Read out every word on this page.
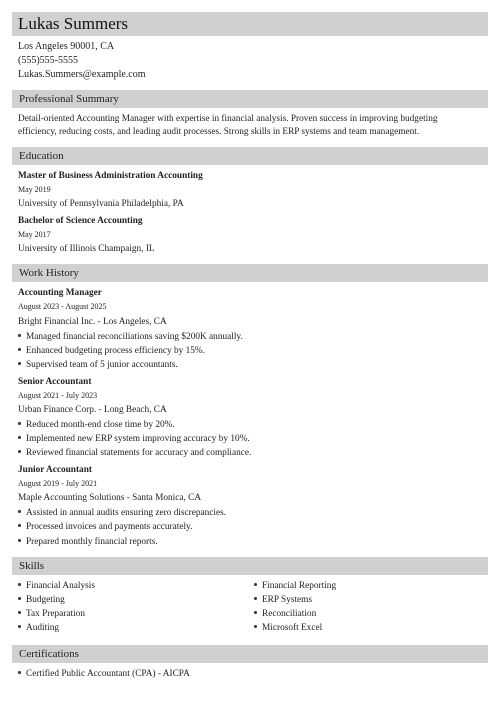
Lukas Summers
Los Angeles 90001, CA
(555)555-5555
Lukas.Summers@example.com
Professional Summary
Detail-oriented Accounting Manager with expertise in financial analysis. Proven success in improving budgeting
efficiency, reducing costs, and leading audit processes. Strong skills in ERP systems and team management.
Education
Master of Business Administration Accounting
May 2019
University of Pennsylvania Philadelphia, PA
Bachelor of Science Accounting
May 2017
University of Illinois Champaign, IL
Work History
Accounting Manager
August 2023 - August 2025
Bright Financial Inc. - Los Angeles, CA
Managed financial reconciliations saving $200K annually.
Enhanced budgeting process efficiency by 15%.
Supervised team of 5 junior accountants.
Senior Accountant
August 2021 - July 2023
Urban Finance Corp. - Long Beach, CA
Reduced month-end close time by 20%.
Implemented new ERP system improving accuracy by 10%.
Reviewed financial statements for accuracy and compliance.
Junior Accountant
August 2019 - July 2021
Maple Accounting Solutions - Santa Monica, CA
Assisted in annual audits ensuring zero discrepancies.
Processed invoices and payments accurately.
Prepared monthly financial reports.
Skills
Financial Analysis
Budgeting
Tax Preparation
Auditing
Financial Reporting
ERP Systems
Reconciliation
Microsoft Excel
Certifications
Certified Public Accountant (CPA) - AICPA
